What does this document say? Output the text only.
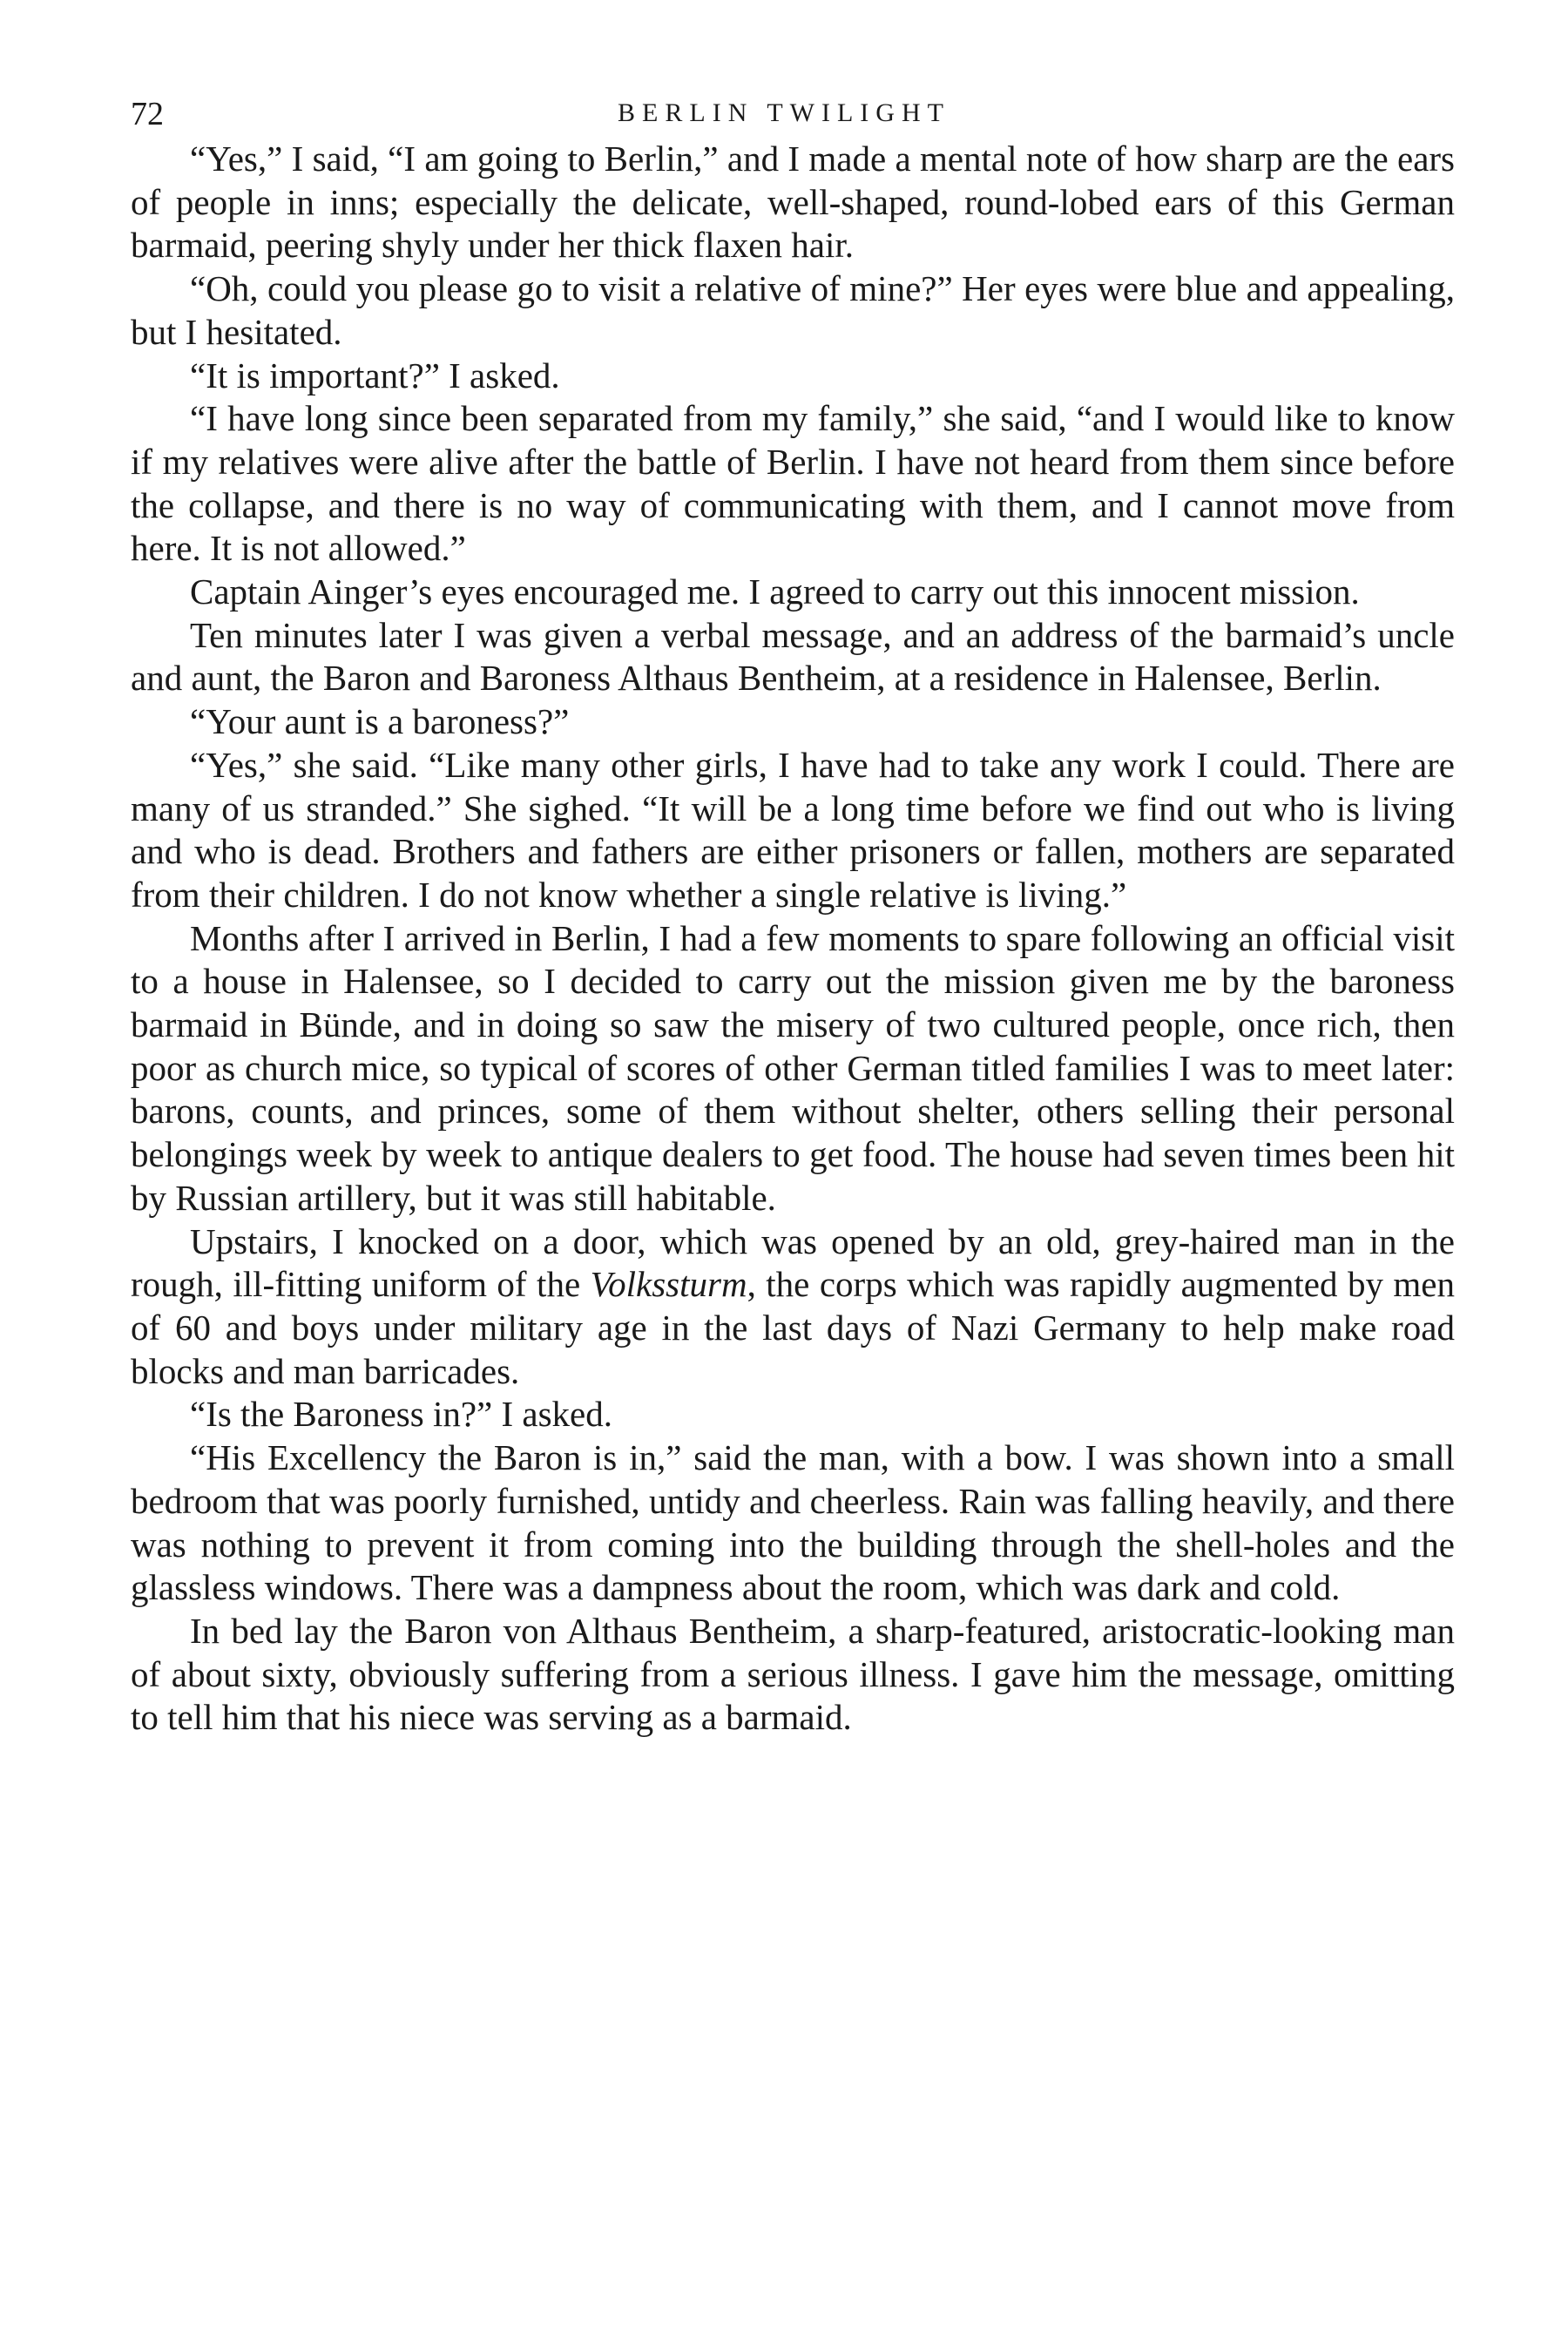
72	BERLIN TWILIGHT

“Yes,” I said, “I am going to Berlin,” and I made a mental note of how sharp are the ears of people in inns; especially the delicate, well-shaped, round-lobed ears of this German barmaid, peering shyly under her thick flaxen hair.

“Oh, could you please go to visit a relative of mine?” Her eyes were blue and appealing, but I hesitated.

“It is important?” I asked.

“I have long since been separated from my family,” she said, “and I would like to know if my relatives were alive after the battle of Berlin. I have not heard from them since before the collapse, and there is no way of communicating with them, and I cannot move from here. It is not allowed.”

Captain Ainger’s eyes encouraged me. I agreed to carry out this innocent mission.

Ten minutes later I was given a verbal message, and an address of the barmaid’s uncle and aunt, the Baron and Baroness Althaus Bentheim, at a residence in Halensee, Berlin.

“Your aunt is a baroness?”

“Yes,” she said. “Like many other girls, I have had to take any work I could. There are many of us stranded.” She sighed. “It will be a long time before we find out who is living and who is dead. Brothers and fathers are either prisoners or fallen, mothers are separated from their children. I do not know whether a single relative is living.”

Months after I arrived in Berlin, I had a few moments to spare following an official visit to a house in Halensee, so I decided to carry out the mission given me by the baroness barmaid in Bünde, and in doing so saw the misery of two cultured people, once rich, then poor as church mice, so typical of scores of other German titled families I was to meet later: barons, counts, and princes, some of them without shelter, others selling their personal belongings week by week to antique dealers to get food. The house had seven times been hit by Russian artillery, but it was still habitable.

Upstairs, I knocked on a door, which was opened by an old, grey-haired man in the rough, ill-fitting uniform of the Volkssturm, the corps which was rapidly augmented by men of 60 and boys under military age in the last days of Nazi Germany to help make road blocks and man barricades.

“Is the Baroness in?” I asked.

“His Excellency the Baron is in,” said the man, with a bow. I was shown into a small bedroom that was poorly furnished, untidy and cheerless. Rain was falling heavily, and there was nothing to prevent it from coming into the building through the shell-holes and the glassless windows. There was a dampness about the room, which was dark and cold.

In bed lay the Baron von Althaus Bentheim, a sharp-featured, aristocratic-looking man of about sixty, obviously suffering from a serious illness. I gave him the message, omitting to tell him that his niece was serving as a barmaid.
